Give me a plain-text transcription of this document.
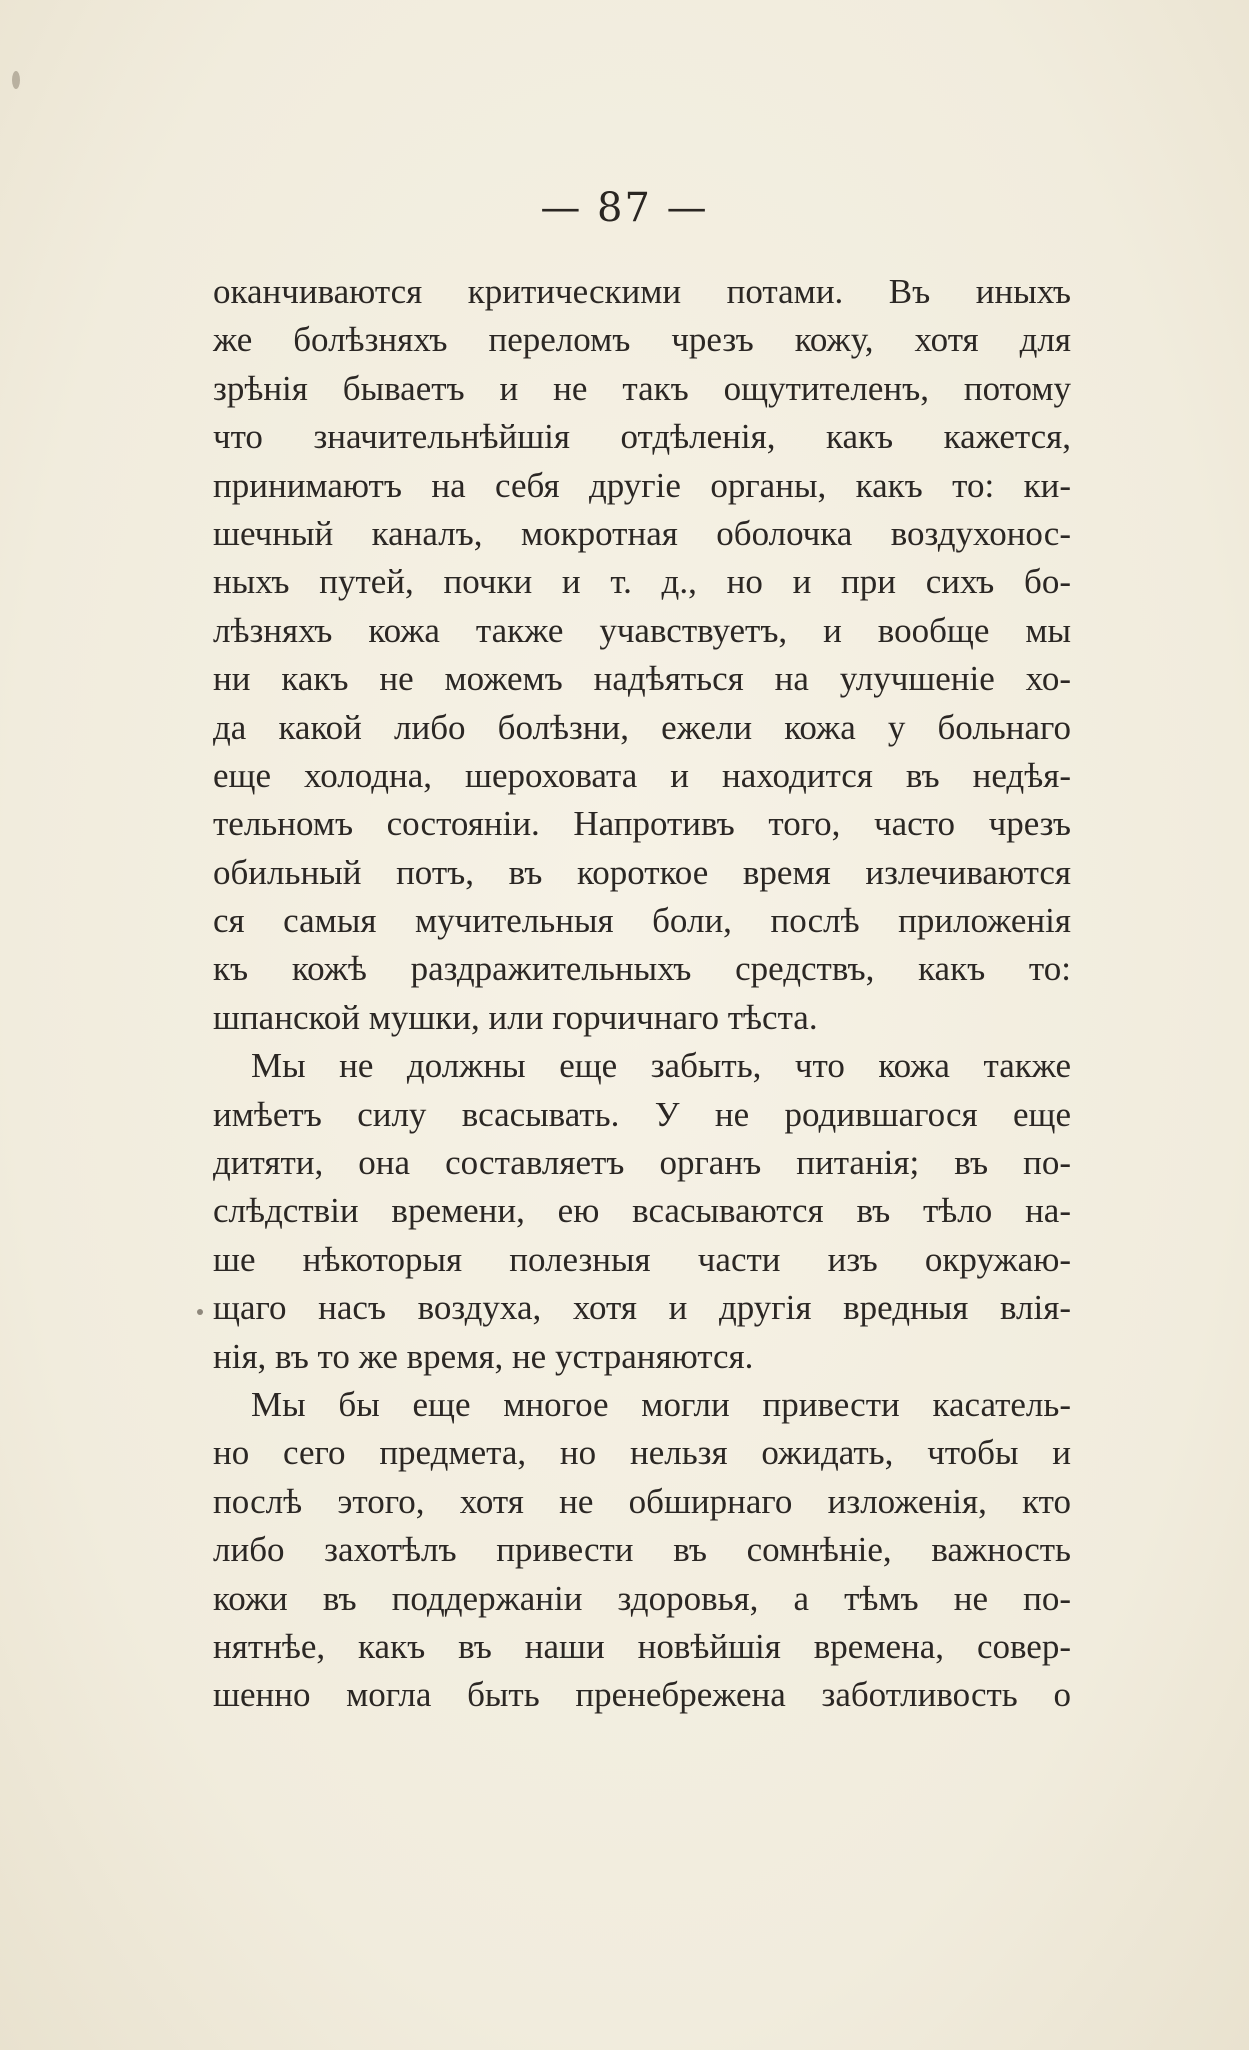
— 87 —
оканчиваются критическими потами. Въ иныхъ
же болѣзняхъ переломъ чрезъ кожу, хотя для
зрѣнія бываетъ и не такъ ощутителенъ, потому
что значительнѣйшія отдѣленія, какъ кажется,
принимаютъ на себя другіе органы, какъ то: ки-
шечный каналъ, мокротная оболочка воздухонос-
ныхъ путей, почки и т. д., но и при сихъ бо-
лѣзняхъ кожа также учавствуетъ, и вообще мы
ни какъ не можемъ надѣяться на улучшеніе хо-
да какой либо болѣзни, ежели кожа у больнаго
еще холодна, шероховата и находится въ недѣя-
тельномъ состояніи. Напротивъ того, часто чрезъ
обильный потъ, въ короткое время излечиваются
ся самыя мучительныя боли, послѣ приложенія
къ кожѣ раздражительныхъ средствъ, какъ то:
шпанской мушки, или горчичнаго тѣста.
Мы не должны еще забыть, что кожа также
имѣетъ силу всасывать. У не родившагося еще
дитяти, она составляетъ органъ питанія; въ по-
слѣдствіи времени, ею всасываются въ тѣло на-
ше нѣкоторыя полезныя части изъ окружаю-
щаго насъ воздуха, хотя и другія вредныя влія-
нія, въ то же время, не устраняются.
Мы бы еще многое могли привести касатель-
но сего предмета, но нельзя ожидать, чтобы и
послѣ этого, хотя не обширнаго изложенія, кто
либо захотѣлъ привести въ сомнѣніе, важность
кожи въ поддержаніи здоровья, а тѣмъ не по-
нятнѣе, какъ въ наши новѣйшія времена, совер-
шенно могла быть пренебрежена заботливость о
